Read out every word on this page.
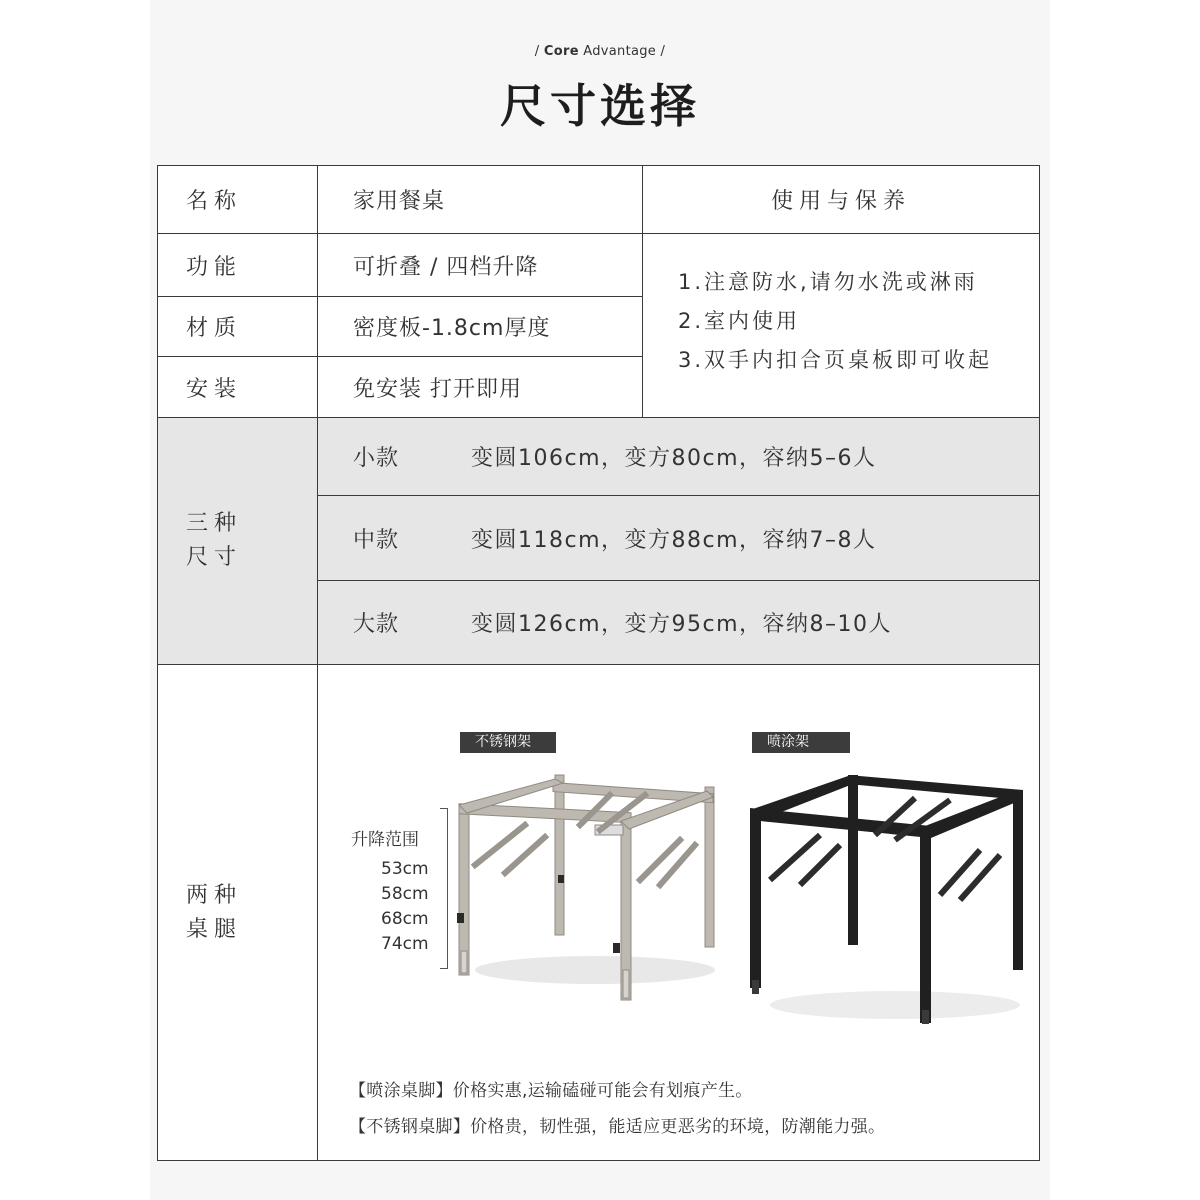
/ Core Advantage /
尺寸选择
名称	家用餐桌	使用与保养
功能	可折叠 / 四档升降
材质	密度板-1.8cm厚度
安装	免安装 打开即用
1.注意防水,请勿水洗或淋雨
2.室内使用
3.双手内扣合页桌板即可收起
三种
尺寸
小款	变圆106cm，变方80cm，容纳5–6人
中款	变圆118cm，变方88cm，容纳7–8人
大款	变圆126cm，变方95cm，容纳8–10人
两种
桌腿
不锈钢架	喷涂架
升降范围
53cm
58cm
68cm
74cm
【喷涂桌脚】价格实惠,运输磕碰可能会有划痕产生。
【不锈钢桌脚】价格贵，韧性强，能适应更恶劣的环境，防潮能力强。
